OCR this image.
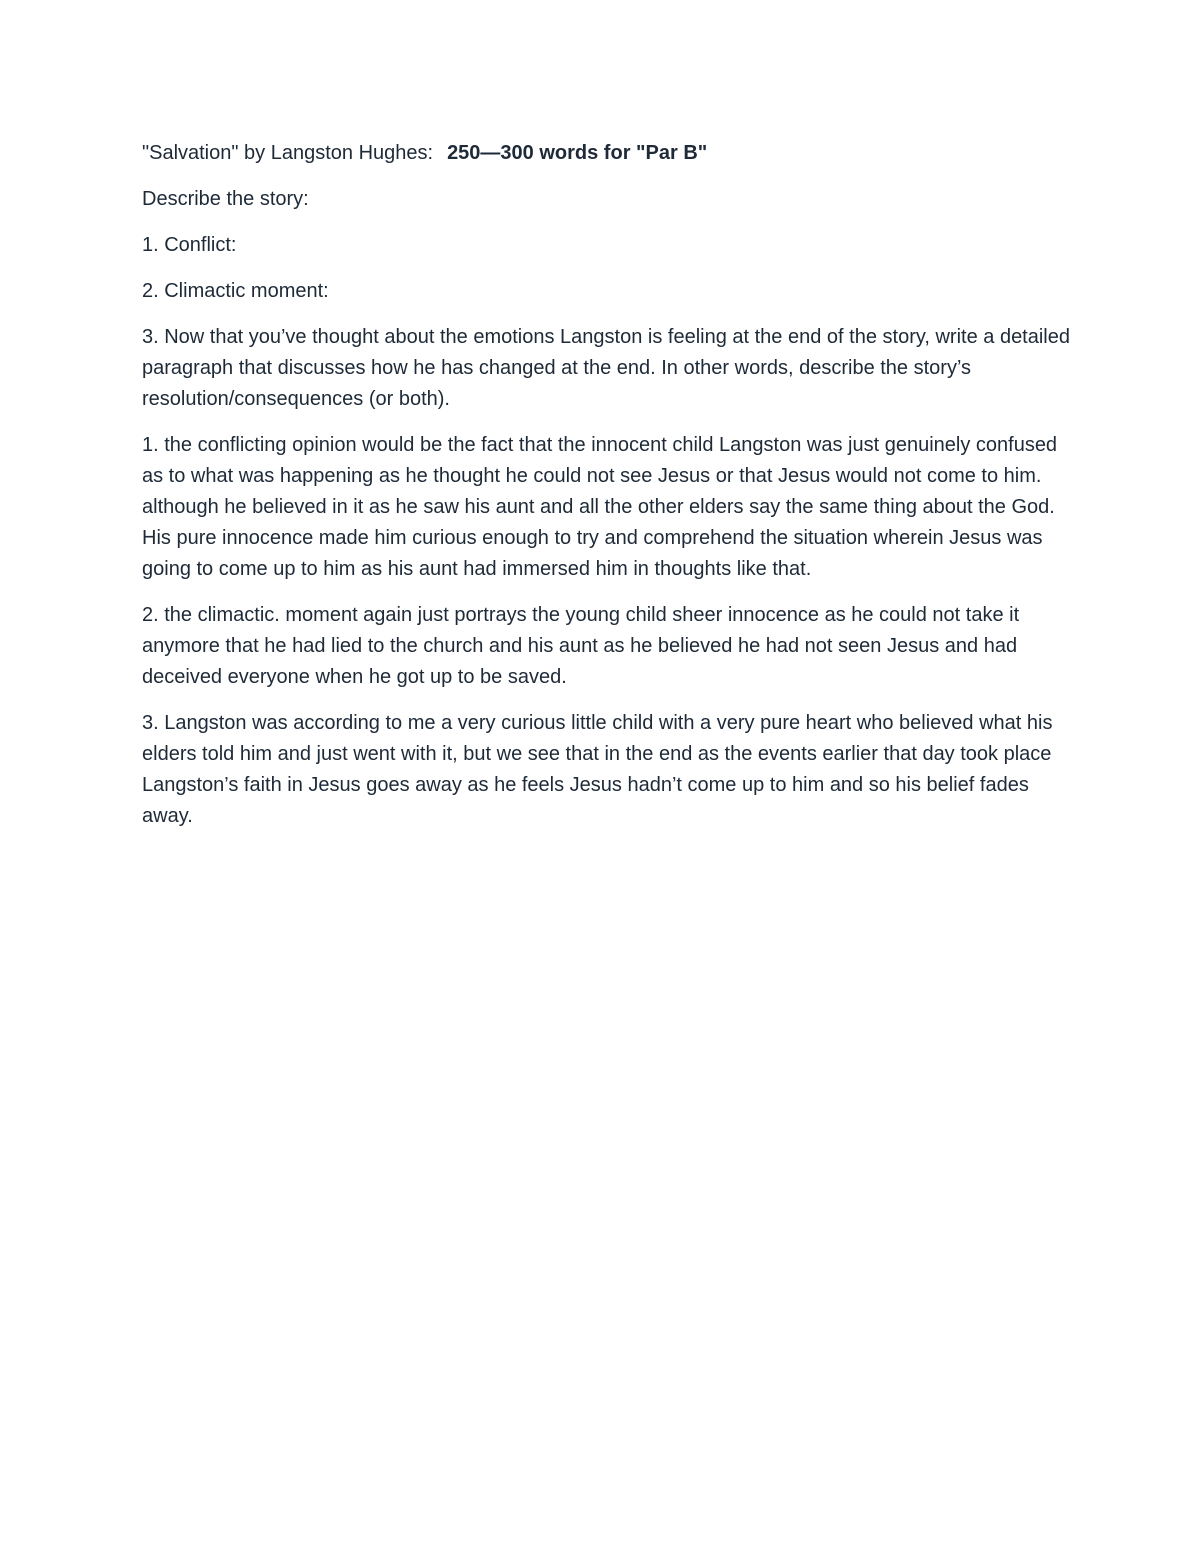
"Salvation" by Langston Hughes: 250—300 words for "Par B"

Describe the story:

1. Conflict:

2. Climactic moment:

3. Now that you’ve thought about the emotions Langston is feeling at the end of the story, write a detailed paragraph that discusses how he has changed at the end. In other words, describe the story’s resolution/consequences (or both).

1. the conflicting opinion would be the fact that the innocent child Langston was just genuinely confused as to what was happening as he thought he could not see Jesus or that Jesus would not come to him. although he believed in it as he saw his aunt and all the other elders say the same thing about the God. His pure innocence made him curious enough to try and comprehend the situation wherein Jesus was going to come up to him as his aunt had immersed him in thoughts like that.

2. the climactic. moment again just portrays the young child sheer innocence as he could not take it anymore that he had lied to the church and his aunt as he believed he had not seen Jesus and had deceived everyone when he got up to be saved.

3. Langston was according to me a very curious little child with a very pure heart who believed what his elders told him and just went with it, but we see that in the end as the events earlier that day took place Langston’s faith in Jesus goes away as he feels Jesus hadn’t come up to him and so his belief fades away.
